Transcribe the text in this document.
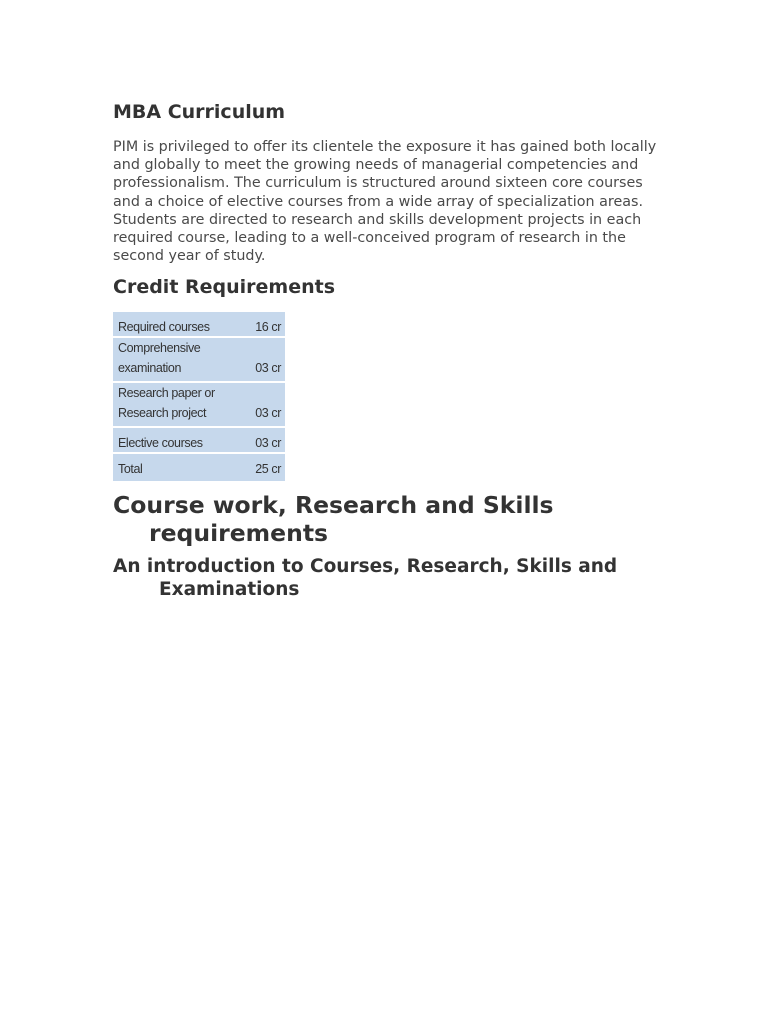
MBA Curriculum

PIM is privileged to offer its clientele the exposure it has gained both locally and globally to meet the growing needs of managerial competencies and professionalism. The curriculum is structured around sixteen core courses and a choice of elective courses from a wide array of specialization areas. Students are directed to research and skills development projects in each required course, leading to a well-conceived program of research in the second year of study.

Credit Requirements
Required courses	16 cr
Comprehensive
examination	03 cr
Research paper or
Research project	03 cr
Elective courses	03 cr
Total	25 cr
Course work, Research and Skills
requirements
An introduction to Courses, Research, Skills and
Examinations
